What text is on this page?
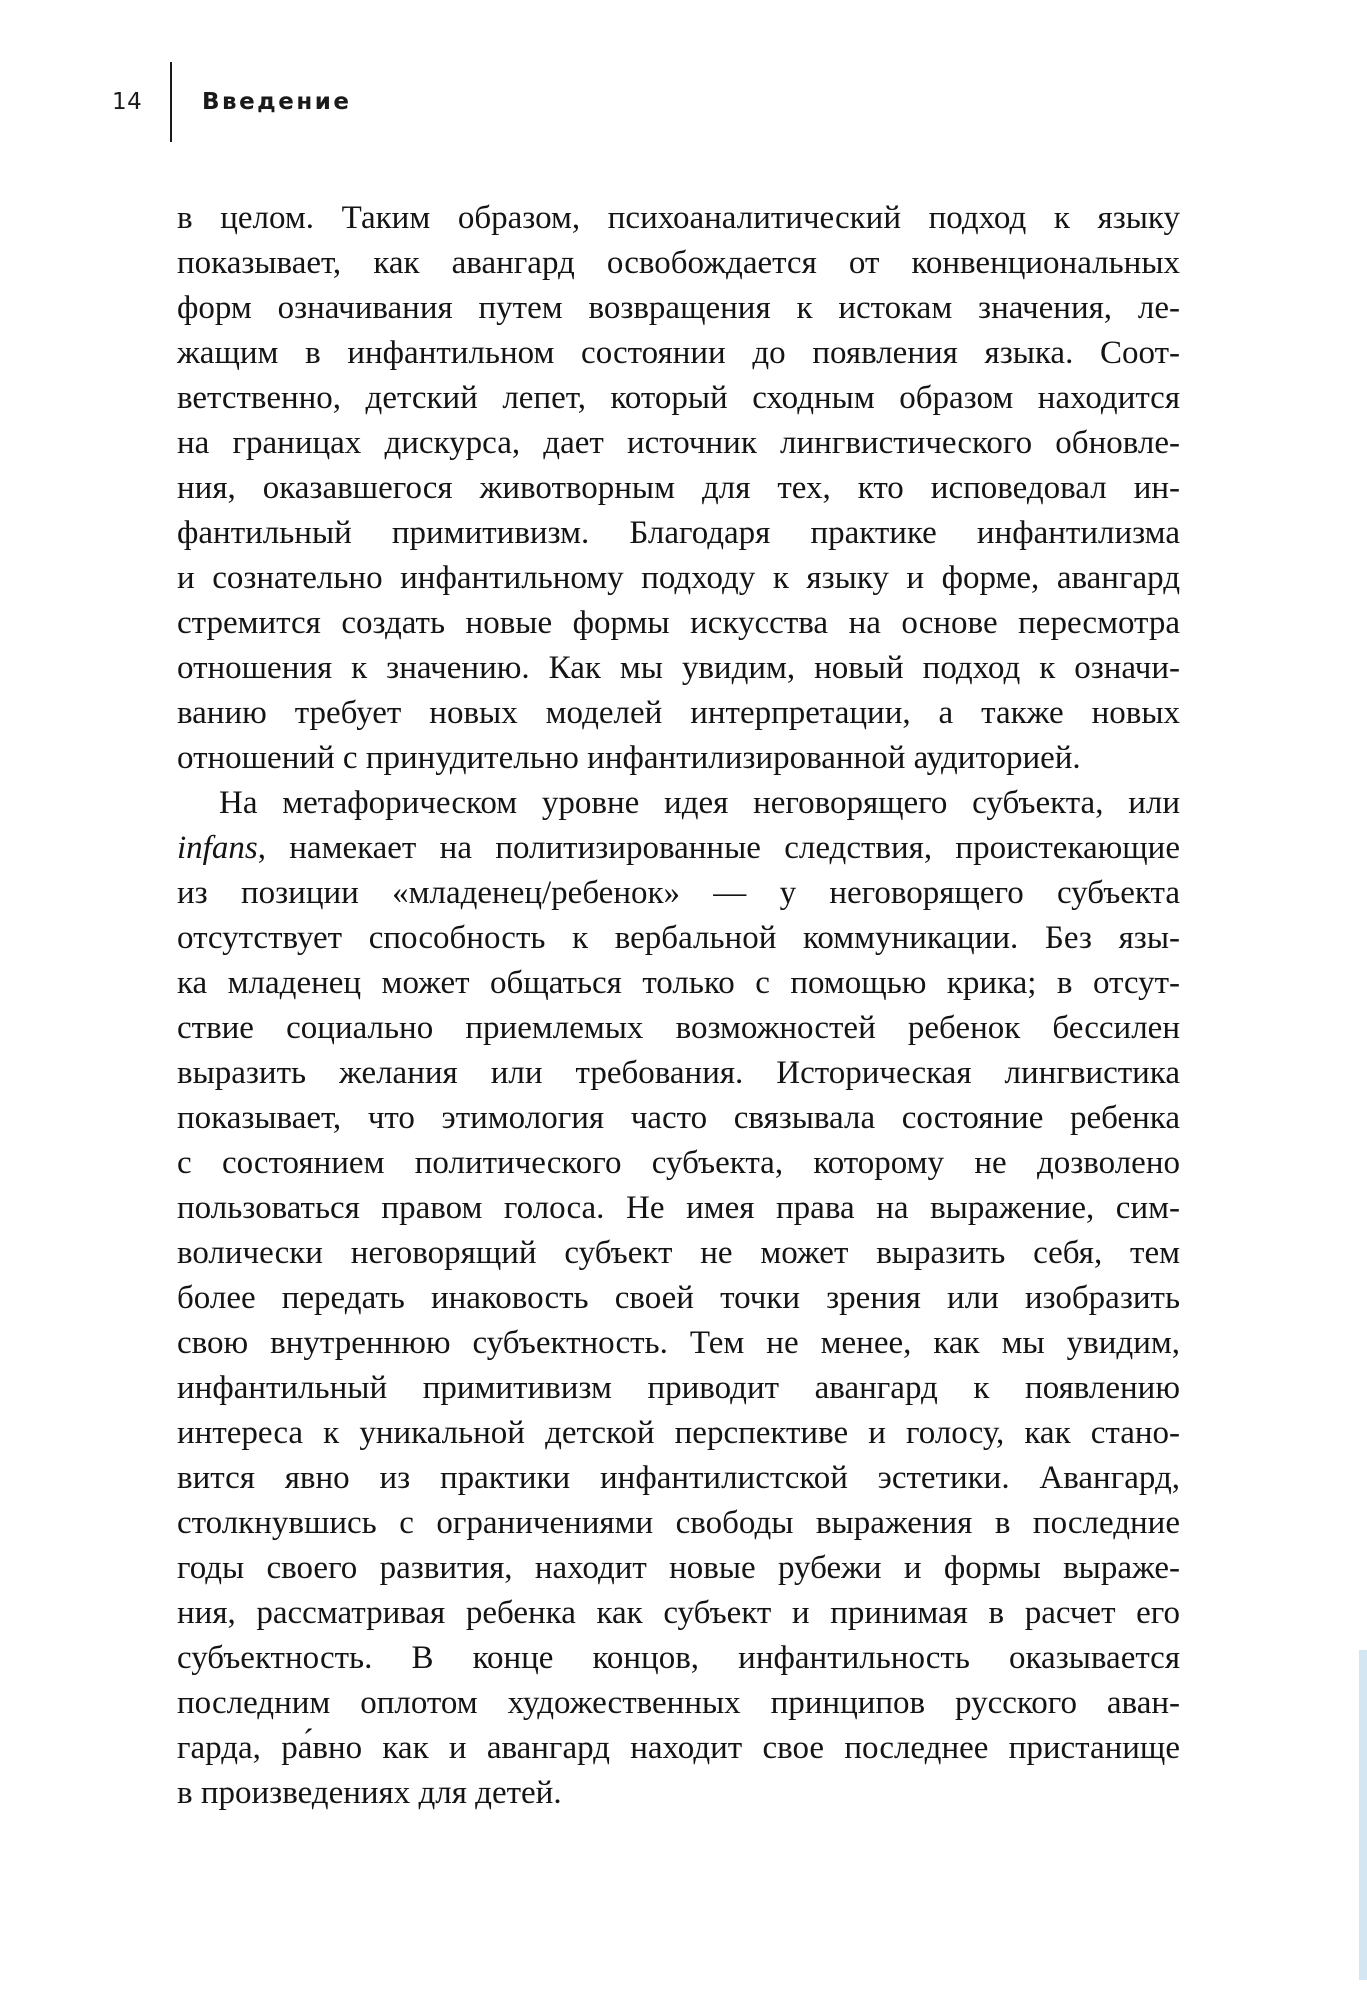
14	Введение
в целом. Таким образом, психоаналитический подход к языку
показывает, как авангард освобождается от конвенциональных
форм означивания путем возвращения к истокам значения, ле-
жащим в инфантильном состоянии до появления языка. Соот-
ветственно, детский лепет, который сходным образом находится
на границах дискурса, дает источник лингвистического обновле-
ния, оказавшегося животворным для тех, кто исповедовал ин-
фантильный примитивизм. Благодаря практике инфантилизма
и сознательно инфантильному подходу к языку и форме, авангард
стремится создать новые формы искусства на основе пересмотра
отношения к значению. Как мы увидим, новый подход к означи-
ванию требует новых моделей интерпретации, а также новых
отношений с принудительно инфантилизированной аудиторией.
На метафорическом уровне идея неговорящего субъекта, или
infans, намекает на политизированные следствия, проистекающие
из позиции «младенец/ребенок» — у неговорящего субъекта
отсутствует способность к вербальной коммуникации. Без язы-
ка младенец может общаться только с помощью крика; в отсут-
ствие социально приемлемых возможностей ребенок бессилен
выразить желания или требования. Историческая лингвистика
показывает, что этимология часто связывала состояние ребенка
с состоянием политического субъекта, которому не дозволено
пользоваться правом голоса. Не имея права на выражение, сим-
волически неговорящий субъект не может выразить себя, тем
более передать инаковость своей точки зрения или изобразить
свою внутреннюю субъектность. Тем не менее, как мы увидим,
инфантильный примитивизм приводит авангард к появлению
интереса к уникальной детской перспективе и голосу, как стано-
вится явно из практики инфантилистской эстетики. Авангард,
столкнувшись с ограничениями свободы выражения в последние
годы своего развития, находит новые рубежи и формы выраже-
ния, рассматривая ребенка как субъект и принимая в расчет его
субъектность. В конце концов, инфантильность оказывается
последним оплотом художественных принципов русского аван-
гарда, ра́вно как и авангард находит свое последнее пристанище
в произведениях для детей.
